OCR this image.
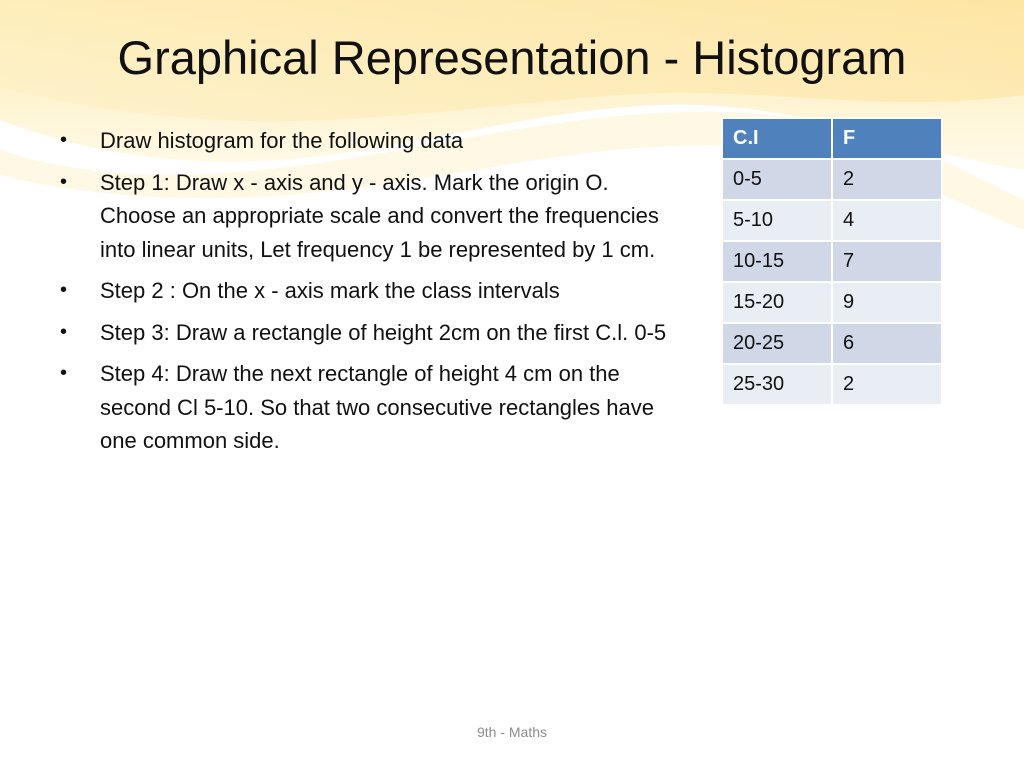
Graphical Representation - Histogram
•	Draw histogram for the following data
•	Step 1: Draw x - axis and y - axis. Mark the origin O. Choose an appropriate scale and convert the frequencies into linear units, Let frequency 1 be represented by 1 cm.
•	Step 2 : On the x - axis mark the class intervals
•	Step 3: Draw a rectangle of height 2cm on the first C.l. 0-5
•	Step 4: Draw the next rectangle of height 4 cm on the second Cl 5-10. So that two consecutive rectangles have one common side.
C.I	F
0-5	2
5-10	4
10-15	7
15-20	9
20-25	6
25-30	2
9th - Maths
